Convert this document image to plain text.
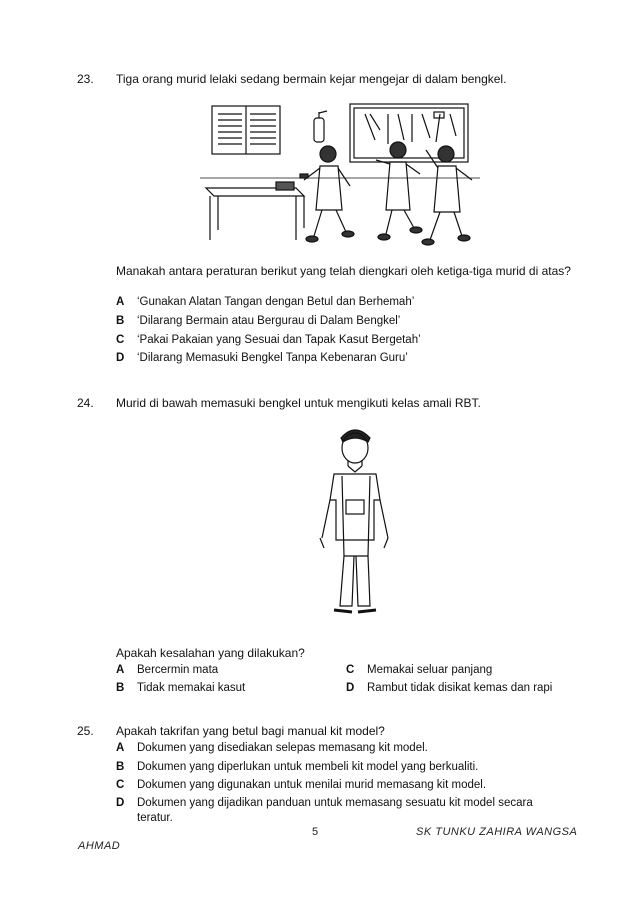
23. Tiga orang murid lelaki sedang bermain kejar mengejar di dalam bengkel.
Manakah antara peraturan berikut yang telah diengkari oleh ketiga-tiga murid di atas?
A ‘Gunakan Alatan Tangan dengan Betul dan Berhemah’
B ‘Dilarang Bermain atau Bergurau di Dalam Bengkel’
C ‘Pakai Pakaian yang Sesuai dan Tapak Kasut Bergetah’
D ‘Dilarang Memasuki Bengkel Tanpa Kebenaran Guru’
24. Murid di bawah memasuki bengkel untuk mengikuti kelas amali RBT.
Apakah kesalahan yang dilakukan?
A Bercermin mata
B Tidak memakai kasut
C Memakai seluar panjang
D Rambut tidak disikat kemas dan rapi
25. Apakah takrifan yang betul bagi manual kit model?
A Dokumen yang disediakan selepas memasang kit model.
B Dokumen yang diperlukan untuk membeli kit model yang berkualiti.
C Dokumen yang digunakan untuk menilai murid memasang kit model.
D Dokumen yang dijadikan panduan untuk memasang sesuatu kit model secara
teratur.
5	SK TUNKU ZAHIRA WANGSA
AHMAD
